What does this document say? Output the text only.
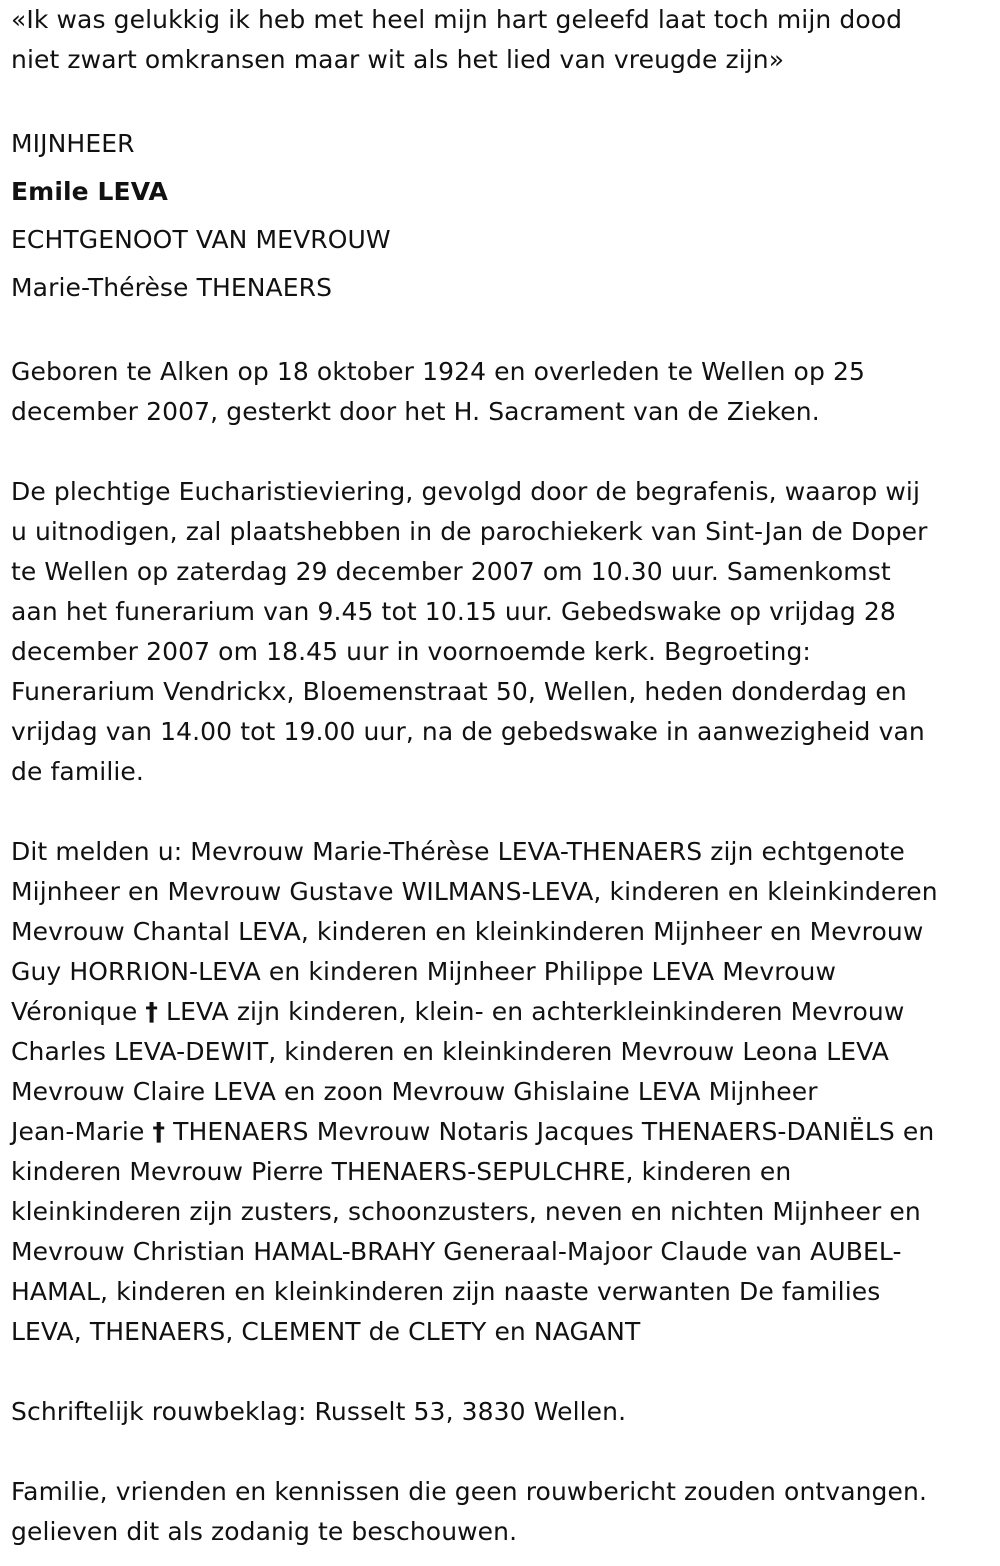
«Ik was gelukkig ik heb met heel mijn hart geleefd laat toch mijn dood
niet zwart omkransen maar wit als het lied van vreugde zijn»
MIJNHEER
Emile LEVA
ECHTGENOOT VAN MEVROUW
Marie-Thérèse THENAERS
Geboren te Alken op 18 oktober 1924 en overleden te Wellen op 25
december 2007, gesterkt door het H. Sacrament van de Zieken.
De plechtige Eucharistieviering, gevolgd door de begrafenis, waarop wij
u uitnodigen, zal plaatshebben in de parochiekerk van Sint-Jan de Doper
te Wellen op zaterdag 29 december 2007 om 10.30 uur. Samenkomst
aan het funerarium van 9.45 tot 10.15 uur. Gebedswake op vrijdag 28
december 2007 om 18.45 uur in voornoemde kerk. Begroeting:
Funerarium Vendrickx, Bloemenstraat 50, Wellen, heden donderdag en
vrijdag van 14.00 tot 19.00 uur, na de gebedswake in aanwezigheid van
de familie.
Dit melden u: Mevrouw Marie-Thérèse LEVA-THENAERS zijn echtgenote
Mijnheer en Mevrouw Gustave WILMANS-LEVA, kinderen en kleinkinderen
Mevrouw Chantal LEVA, kinderen en kleinkinderen Mijnheer en Mevrouw
Guy HORRION-LEVA en kinderen Mijnheer Philippe LEVA Mevrouw
Véronique † LEVA zijn kinderen, klein- en achterkleinkinderen Mevrouw
Charles LEVA-DEWIT, kinderen en kleinkinderen Mevrouw Leona LEVA
Mevrouw Claire LEVA en zoon Mevrouw Ghislaine LEVA Mijnheer
Jean-Marie † THENAERS Mevrouw Notaris Jacques THENAERS-DANIËLS en
kinderen Mevrouw Pierre THENAERS-SEPULCHRE, kinderen en
kleinkinderen zijn zusters, schoonzusters, neven en nichten Mijnheer en
Mevrouw Christian HAMAL-BRAHY Generaal-Majoor Claude van AUBEL-
HAMAL, kinderen en kleinkinderen zijn naaste verwanten De families
LEVA, THENAERS, CLEMENT de CLETY en NAGANT
Schriftelijk rouwbeklag: Russelt 53, 3830 Wellen.
Familie, vrienden en kennissen die geen rouwbericht zouden ontvangen.
gelieven dit als zodanig te beschouwen.
